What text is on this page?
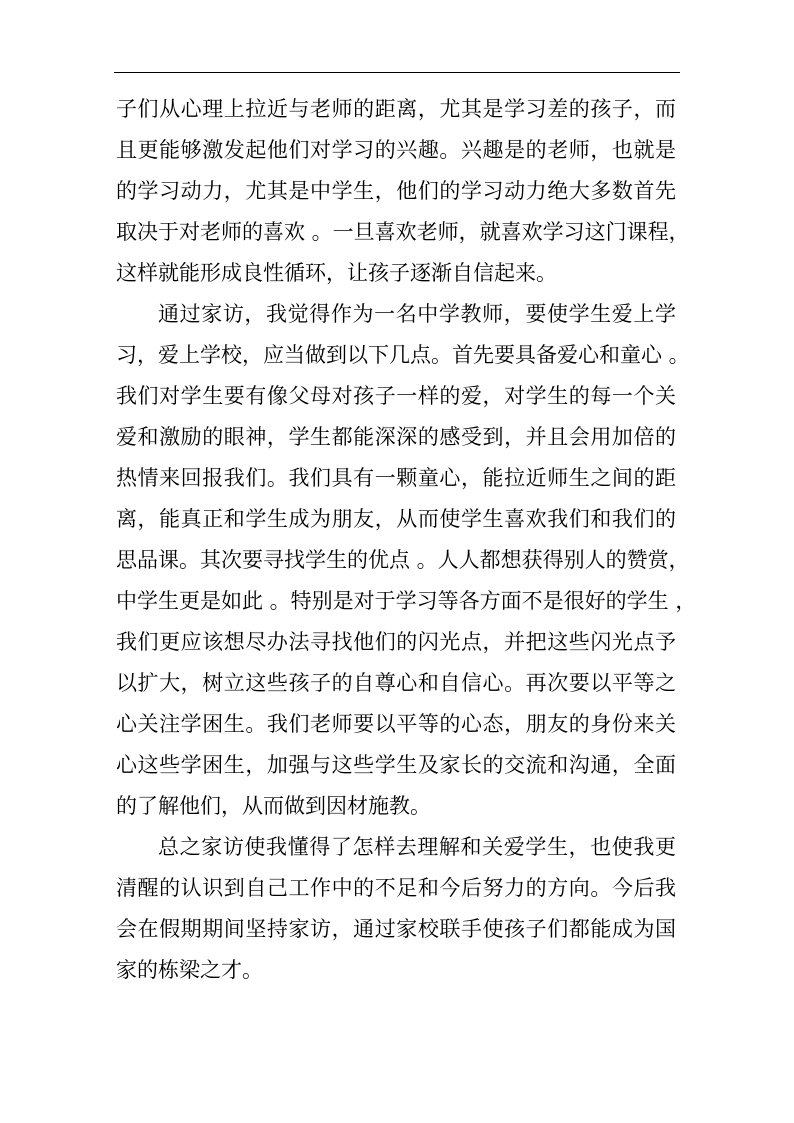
子们从心理上拉近与老师的距离，尤其是学习差的孩子，而
且更能够激发起他们对学习的兴趣。兴趣是的老师，也就是
的学习动力，尤其是中学生，他们的学习动力绝大多数首先
取决于对老师的喜欢 。一旦喜欢老师，就喜欢学习这门课程，
这样就能形成良性循环，让孩子逐渐自信起来。
通过家访，我觉得作为一名中学教师，要使学生爱上学
习，爱上学校，应当做到以下几点。首先要具备爱心和童心 。
我们对学生要有像父母对孩子一样的爱，对学生的每一个关
爱和激励的眼神，学生都能深深的感受到，并且会用加倍的
热情来回报我们。我们具有一颗童心，能拉近师生之间的距
离，能真正和学生成为朋友，从而使学生喜欢我们和我们的
思品课。其次要寻找学生的优点 。人人都想获得别人的赞赏，
中学生更是如此 。特别是对于学习等各方面不是很好的学生 ，
我们更应该想尽办法寻找他们的闪光点，并把这些闪光点予
以扩大，树立这些孩子的自尊心和自信心。再次要以平等之
心关注学困生。我们老师要以平等的心态，朋友的身份来关
心这些学困生，加强与这些学生及家长的交流和沟通，全面
的了解他们，从而做到因材施教。
总之家访使我懂得了怎样去理解和关爱学生，也使我更
清醒的认识到自己工作中的不足和今后努力的方向。今后我
会在假期期间坚持家访，通过家校联手使孩子们都能成为国
家的栋梁之才。
